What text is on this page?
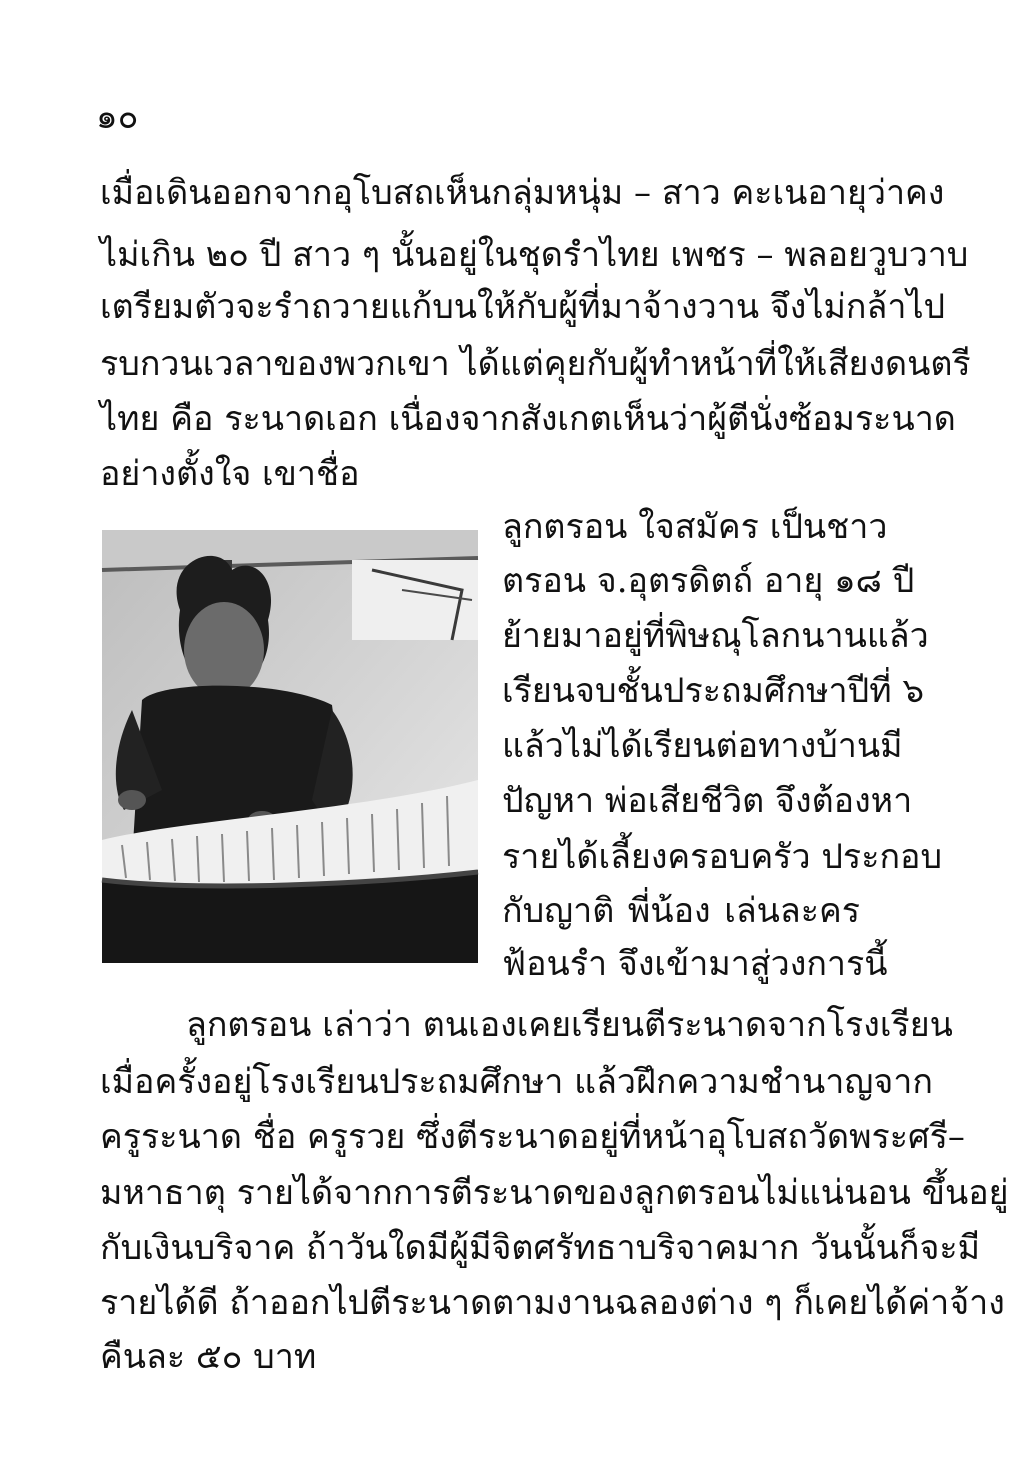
๑๐
เมื่อเดินออกจากอุโบสถเห็นกลุ่มหนุ่ม – สาว คะเนอายุว่าคง
ไม่เกิน ๒๐ ปี สาว ๆ นั้นอยู่ในชุดรำไทย เพชร – พลอยวูบวาบ
เตรียมตัวจะรำถวายแก้บนให้กับผู้ที่มาจ้างวาน จึงไม่กล้าไป
รบกวนเวลาของพวกเขา ได้แต่คุยกับผู้ทำหน้าที่ให้เสียงดนตรี
ไทย คือ ระนาดเอก เนื่องจากสังเกตเห็นว่าผู้ตีนั่งซ้อมระนาด
อย่างตั้งใจ เขาชื่อ
ลูกตรอน ใจสมัคร เป็นชาว
ตรอน จ.อุตรดิตถ์ อายุ ๑๘ ปี
ย้ายมาอยู่ที่พิษณุโลกนานแล้ว
เรียนจบชั้นประถมศึกษาปีที่ ๖
แล้วไม่ได้เรียนต่อทางบ้านมี
ปัญหา พ่อเสียชีวิต จึงต้องหา
รายได้เลี้ยงครอบครัว ประกอบ
กับญาติ พี่น้อง เล่นละคร
ฟ้อนรำ จึงเข้ามาสู่วงการนี้
ลูกตรอน เล่าว่า ตนเองเคยเรียนตีระนาดจากโรงเรียน
เมื่อครั้งอยู่โรงเรียนประถมศึกษา แล้วฝึกความชำนาญจาก
ครูระนาด ชื่อ ครูรวย ซึ่งตีระนาดอยู่ที่หน้าอุโบสถวัดพระศรี–
มหาธาตุ รายได้จากการตีระนาดของลูกตรอนไม่แน่นอน ขึ้นอยู่
กับเงินบริจาค ถ้าวันใดมีผู้มีจิตศรัทธาบริจาคมาก วันนั้นก็จะมี
รายได้ดี ถ้าออกไปตีระนาดตามงานฉลองต่าง ๆ ก็เคยได้ค่าจ้าง
คืนละ ๕๐ บาท
